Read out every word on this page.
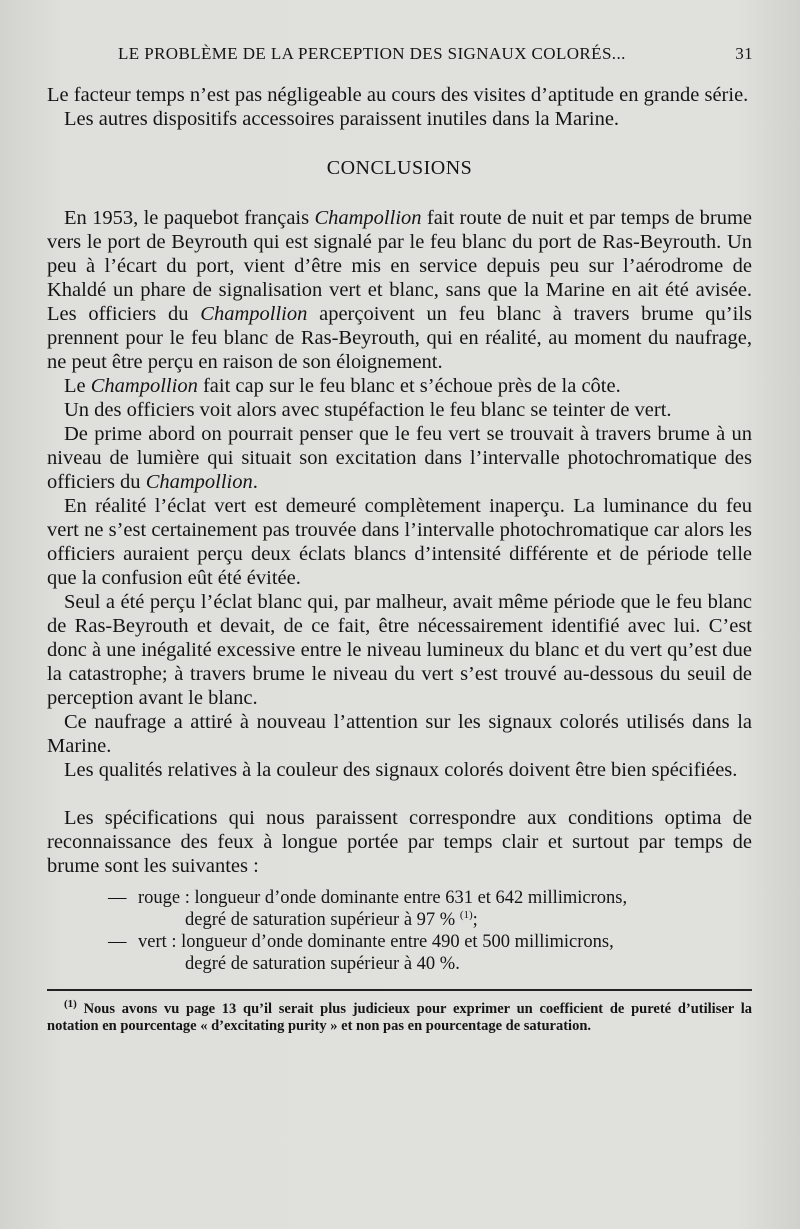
LE PROBLÈME DE LA PERCEPTION DES SIGNAUX COLORÉS...	31

Le facteur temps n’est pas négligeable au cours des visites d’aptitude en grande série.

Les autres dispositifs accessoires paraissent inutiles dans la Marine.

CONCLUSIONS

En 1953, le paquebot français Champollion fait route de nuit et par temps de brume vers le port de Beyrouth qui est signalé par le feu blanc du port de Ras-Beyrouth. Un peu à l’écart du port, vient d’être mis en service depuis peu sur l’aérodrome de Khaldé un phare de signalisation vert et blanc, sans que la Marine en ait été avisée. Les officiers du Champollion aperçoivent un feu blanc à travers brume qu’ils prennent pour le feu blanc de Ras-Beyrouth, qui en réalité, au moment du naufrage, ne peut être perçu en raison de son éloignement.

Le Champollion fait cap sur le feu blanc et s’échoue près de la côte.

Un des officiers voit alors avec stupéfaction le feu blanc se teinter de vert.

De prime abord on pourrait penser que le feu vert se trouvait à travers brume à un niveau de lumière qui situait son excitation dans l’intervalle photochromatique des officiers du Champollion.

En réalité l’éclat vert est demeuré complètement inaperçu. La luminance du feu vert ne s’est certainement pas trouvée dans l’intervalle photochromatique car alors les officiers auraient perçu deux éclats blancs d’intensité différente et de période telle que la confusion eût été évitée.

Seul a été perçu l’éclat blanc qui, par malheur, avait même période que le feu blanc de Ras-Beyrouth et devait, de ce fait, être nécessairement identifié avec lui. C’est donc à une inégalité excessive entre le niveau lumineux du blanc et du vert qu’est due la catastrophe; à travers brume le niveau du vert s’est trouvé au-dessous du seuil de perception avant le blanc.

Ce naufrage a attiré à nouveau l’attention sur les signaux colorés utilisés dans la Marine.

Les qualités relatives à la couleur des signaux colorés doivent être bien spécifiées.

Les spécifications qui nous paraissent correspondre aux conditions optima de reconnaissance des feux à longue portée par temps clair et surtout par temps de brume sont les suivantes :

— rouge : longueur d’onde dominante entre 631 et 642 millimicrons,
degré de saturation supérieur à 97 % $^{(1)}$;
— vert : longueur d’onde dominante entre 490 et 500 millimicrons,
degré de saturation supérieur à 40 %.

$^{(1)}$ Nous avons vu page 13 qu’il serait plus judicieux pour exprimer un coefficient de pureté d’utiliser la notation en pourcentage « d’excitating purity » et non pas en pourcentage de saturation.
